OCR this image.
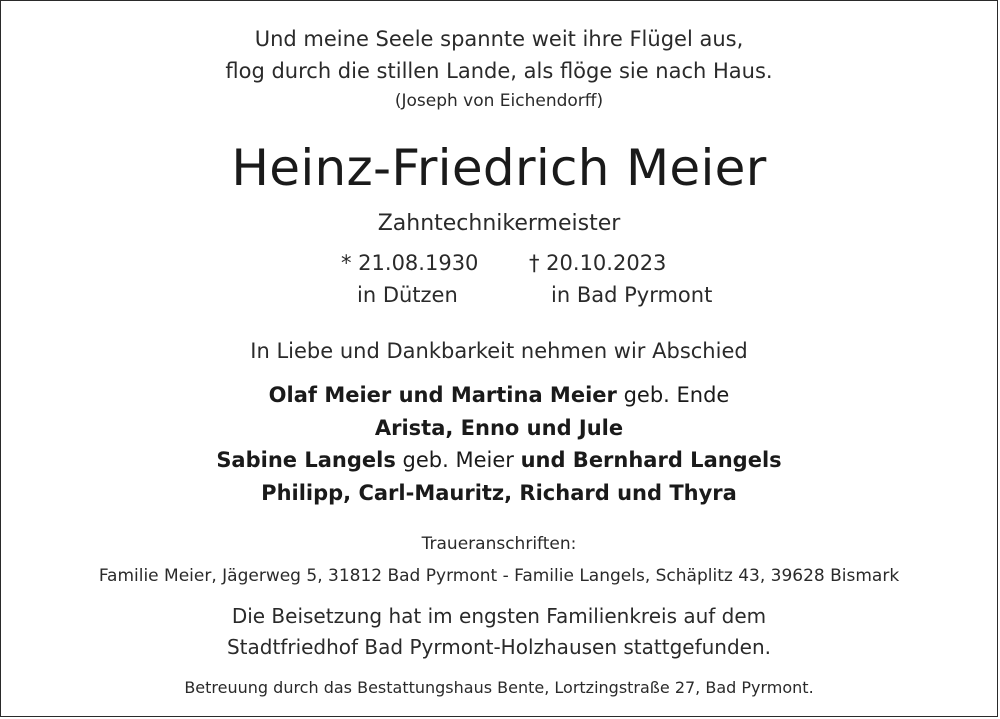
Und meine Seele spannte weit ihre Flügel aus,
flog durch die stillen Lande, als flöge sie nach Haus.
(Joseph von Eichendorff)
Heinz-Friedrich Meier
Zahntechnikermeister
* 21.08.1930
in Dützen
† 20.10.2023
in Bad Pyrmont
In Liebe und Dankbarkeit nehmen wir Abschied
Olaf Meier und Martina Meier geb. Ende
Arista, Enno und Jule
Sabine Langels geb. Meier und Bernhard Langels
Philipp, Carl-Mauritz, Richard und Thyra
Traueranschriften:
Familie Meier, Jägerweg 5, 31812 Bad Pyrmont - Familie Langels, Schäplitz 43, 39628 Bismark
Die Beisetzung hat im engsten Familienkreis auf dem
Stadtfriedhof Bad Pyrmont-Holzhausen stattgefunden.
Betreuung durch das Bestattungshaus Bente, Lortzingstraße 27, Bad Pyrmont.
